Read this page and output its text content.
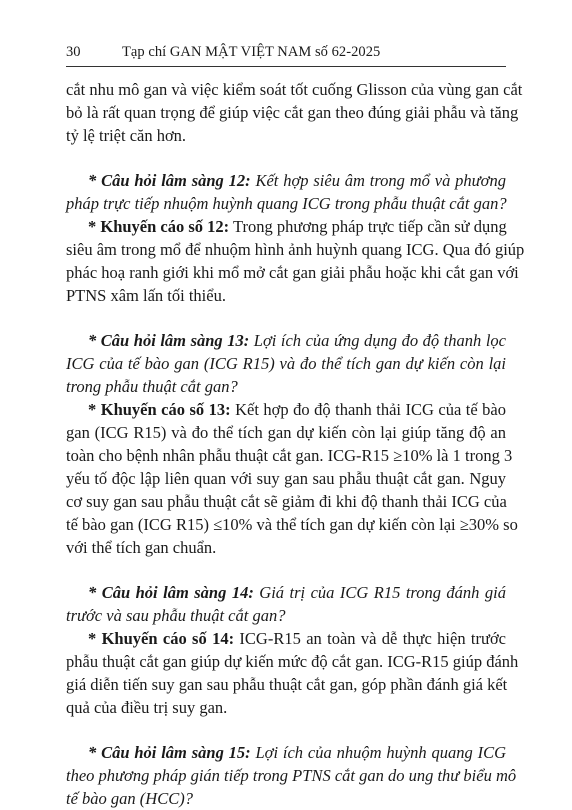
30	Tạp chí GAN MẬT VIỆT NAM số 62-2025
cắt nhu mô gan và việc kiểm soát tốt cuống Glisson của vùng gan cắt
bỏ là rất quan trọng để giúp việc cắt gan theo đúng giải phẫu và tăng
tỷ lệ triệt căn hơn.
* Câu hỏi lâm sàng 12: Kết hợp siêu âm trong mổ và phương
pháp trực tiếp nhuộm huỳnh quang ICG trong phẫu thuật cắt gan?
* Khuyến cáo số 12: Trong phương pháp trực tiếp cần sử dụng
siêu âm trong mổ để nhuộm hình ảnh huỳnh quang ICG. Qua đó giúp
phác hoạ ranh giới khi mổ mở cắt gan giải phẫu hoặc khi cắt gan với
PTNS xâm lấn tối thiểu.
* Câu hỏi lâm sàng 13: Lợi ích của ứng dụng đo độ thanh lọc
ICG của tế bào gan (ICG R15) và đo thể tích gan dự kiến còn lại
trong phẫu thuật cắt gan?
* Khuyến cáo số 13: Kết hợp đo độ thanh thải ICG của tế bào
gan (ICG R15) và đo thể tích gan dự kiến còn lại giúp tăng độ an
toàn cho bệnh nhân phẫu thuật cắt gan. ICG-R15 ≥10% là 1 trong 3
yếu tố độc lập liên quan với suy gan sau phẫu thuật cắt gan. Nguy
cơ suy gan sau phẫu thuật cắt sẽ giảm đi khi độ thanh thải ICG của
tế bào gan (ICG R15) ≤10% và thể tích gan dự kiến còn lại ≥30% so
với thể tích gan chuẩn.
* Câu hỏi lâm sàng 14: Giá trị của ICG R15 trong đánh giá
trước và sau phẫu thuật cắt gan?
* Khuyến cáo số 14: ICG-R15 an toàn và dễ thực hiện trước
phẫu thuật cắt gan giúp dự kiến mức độ cắt gan. ICG-R15 giúp đánh
giá diễn tiến suy gan sau phẫu thuật cắt gan, góp phần đánh giá kết
quả của điều trị suy gan.
* Câu hỏi lâm sàng 15: Lợi ích của nhuộm huỳnh quang ICG
theo phương pháp gián tiếp trong PTNS cắt gan do ung thư biểu mô
tế bào gan (HCC)?
